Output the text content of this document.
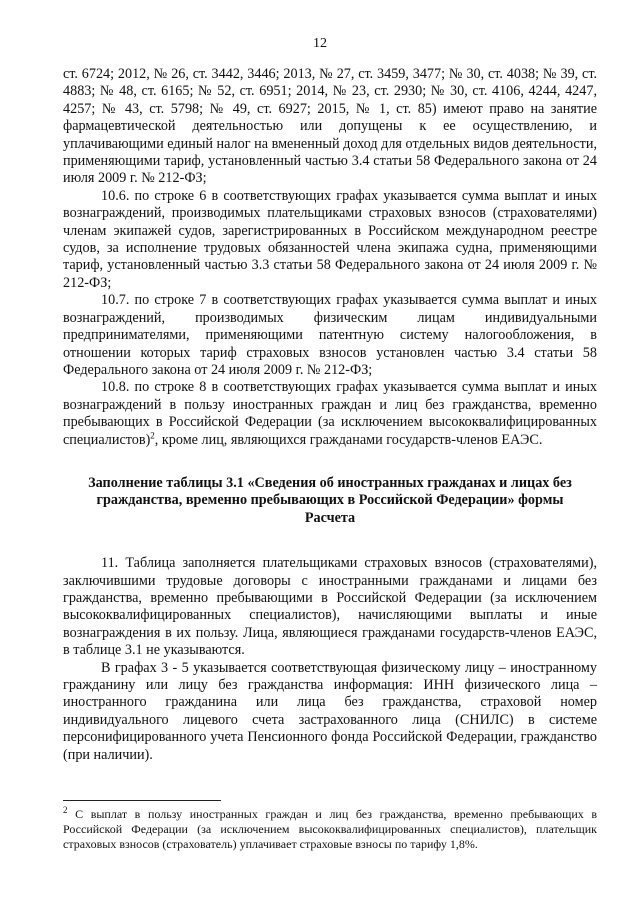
12

ст. 6724; 2012, № 26, ст. 3442, 3446; 2013, № 27, ст. 3459, 3477; № 30, ст. 4038; № 39, ст. 4883; № 48, ст. 6165; № 52, ст. 6951; 2014, № 23, ст. 2930; № 30, ст. 4106, 4244, 4247, 4257; № 43, ст. 5798; № 49, ст. 6927; 2015, № 1, ст. 85) имеют право на занятие фармацевтической деятельностью или допущены к ее осуществлению, и уплачивающими единый налог на вмененный доход для отдельных видов деятельности, применяющими тариф, установленный частью 3.4 статьи 58 Федерального закона от 24 июля 2009 г. № 212-ФЗ;

10.6. по строке 6 в соответствующих графах указывается сумма выплат и иных вознаграждений, производимых плательщиками страховых взносов (страхователями) членам экипажей судов, зарегистрированных в Российском международном реестре судов, за исполнение трудовых обязанностей члена экипажа судна, применяющими тариф, установленный частью 3.3 статьи 58 Федерального закона от 24 июля 2009 г. № 212-ФЗ;

10.7. по строке 7 в соответствующих графах указывается сумма выплат и иных вознаграждений, производимых физическим лицам индивидуальными предпринимателями, применяющими патентную систему налогообложения, в отношении которых тариф страховых взносов установлен частью 3.4 статьи 58 Федерального закона от 24 июля 2009 г. № 212-ФЗ;

10.8. по строке 8 в соответствующих графах указывается сумма выплат и иных вознаграждений в пользу иностранных граждан и лиц без гражданства, временно пребывающих в Российской Федерации (за исключением высококвалифицированных специалистов)$^2$, кроме лиц, являющихся гражданами государств-членов ЕАЭС.

Заполнение таблицы 3.1 «Сведения об иностранных гражданах и лицах без гражданства, временно пребывающих в Российской Федерации» формы Расчета

11. Таблица заполняется плательщиками страховых взносов (страхователями), заключившими трудовые договоры с иностранными гражданами и лицами без гражданства, временно пребывающими в Российской Федерации (за исключением высококвалифицированных специалистов), начисляющими выплаты и иные вознаграждения в их пользу. Лица, являющиеся гражданами государств-членов ЕАЭС, в таблице 3.1 не указываются.

В графах 3 - 5 указывается соответствующая физическому лицу – иностранному гражданину или лицу без гражданства информация: ИНН физического лица – иностранного гражданина или лица без гражданства, страховой номер индивидуального лицевого счета застрахованного лица (СНИЛС) в системе персонифицированного учета Пенсионного фонда Российской Федерации, гражданство (при наличии).

$^2$ С выплат в пользу иностранных граждан и лиц без гражданства, временно пребывающих в Российской Федерации (за исключением высококвалифицированных специалистов), плательщик страховых взносов (страхователь) уплачивает страховые взносы по тарифу 1,8%.
